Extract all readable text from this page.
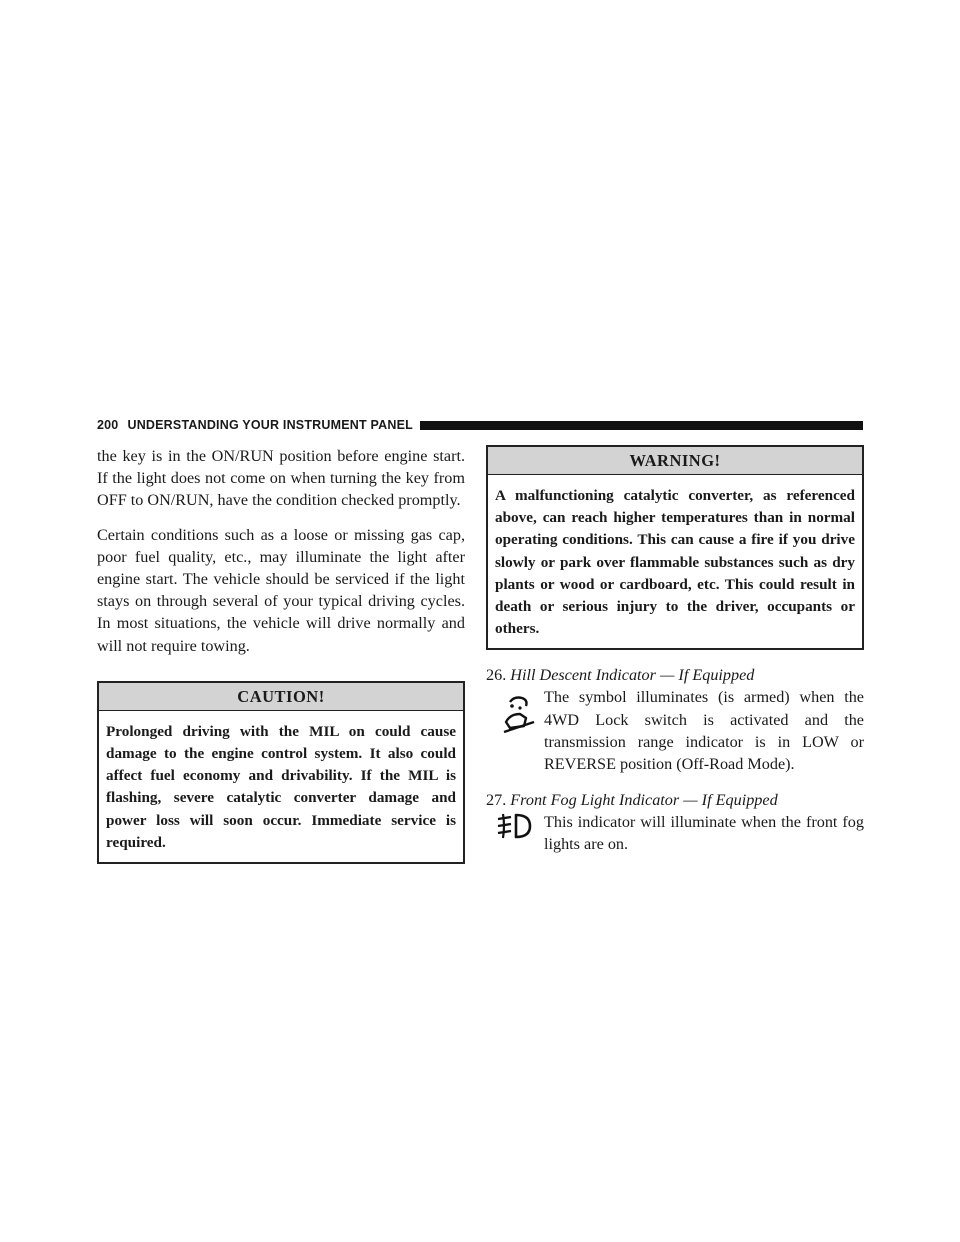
200 UNDERSTANDING YOUR INSTRUMENT PANEL

the key is in the ON/RUN position before engine start. If the light does not come on when turning the key from OFF to ON/RUN, have the condition checked promptly.

Certain conditions such as a loose or missing gas cap, poor fuel quality, etc., may illuminate the light after engine start. The vehicle should be serviced if the light stays on through several of your typical driving cycles. In most situations, the vehicle will drive normally and will not require towing.

CAUTION!
Prolonged driving with the MIL on could cause damage to the engine control system. It also could affect fuel economy and drivability. If the MIL is flashing, severe catalytic converter damage and power loss will soon occur. Immediate service is required.
WARNING!
A malfunctioning catalytic converter, as referenced above, can reach higher temperatures than in normal operating conditions. This can cause a fire if you drive slowly or park over flammable substances such as dry plants or wood or cardboard, etc. This could result in death or serious injury to the driver, occupants or others.
26. Hill Descent Indicator — If Equipped
The symbol illuminates (is armed) when the 4WD Lock switch is activated and the transmission range indicator is in LOW or REVERSE position (Off-Road Mode).
27. Front Fog Light Indicator — If Equipped
This indicator will illuminate when the front fog lights are on.
